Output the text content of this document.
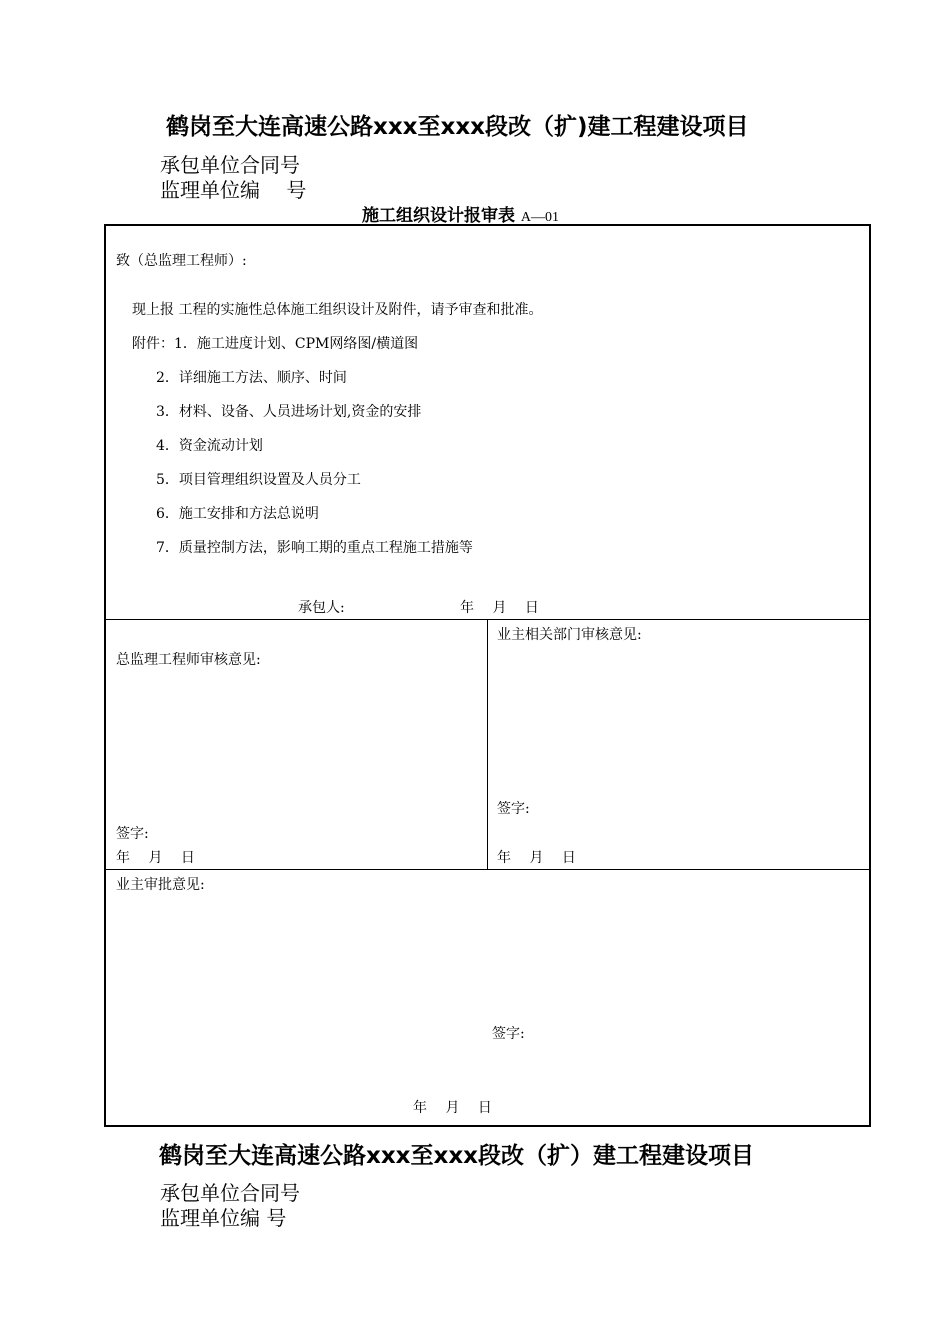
鹤岗至大连高速公路xxx至xxx段改（扩)建工程建设项目
承包单位合同号
监理单位编　 号
施工组织设计报审表 A—01
致（总监理工程师）:
现上报 工程的实施性总体施工组织设计及附件，请予审查和批准。
附件：1．施工进度计划、CPM网络图/横道图
2．详细施工方法、顺序、时间
3．材料、设备、人员进场计划,资金的安排
4．资金流动计划
5．项目管理组织设置及人员分工
6．施工安排和方法总说明
7．质量控制方法，影响工期的重点工程施工措施等
承包人:	年　 月　 日
总监理工程师审核意见:
签字:
年　 月　 日
业主相关部门审核意见:
签字:
年　 月　 日
业主审批意见:
签字:
年　 月　 日
鹤岗至大连高速公路xxx至xxx段改（扩）建工程建设项目
承包单位合同号
监理单位编 号
